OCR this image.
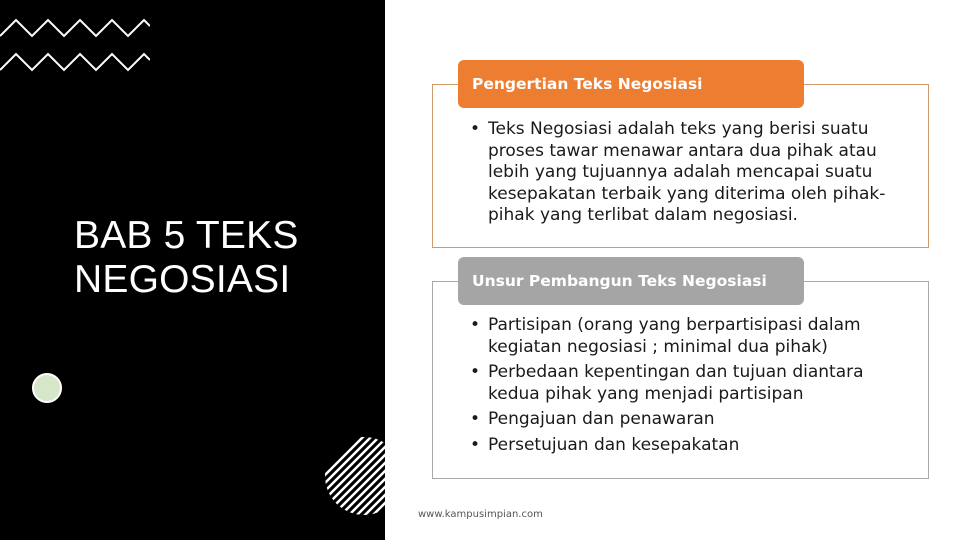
BAB 5 TEKS
NEGOSIASI
Pengertian Teks Negosiasi
• Teks Negosiasi adalah teks yang berisi suatu proses tawar menawar antara dua pihak atau lebih yang tujuannya adalah mencapai suatu kesepakatan terbaik yang diterima oleh pihak-pihak yang terlibat dalam negosiasi.
Unsur Pembangun Teks Negosiasi
• Partisipan (orang yang berpartisipasi dalam kegiatan negosiasi ; minimal dua pihak)
• Perbedaan kepentingan dan tujuan diantara kedua pihak yang menjadi partisipan
• Pengajuan dan penawaran
• Persetujuan dan kesepakatan
www.kampusimpian.com
